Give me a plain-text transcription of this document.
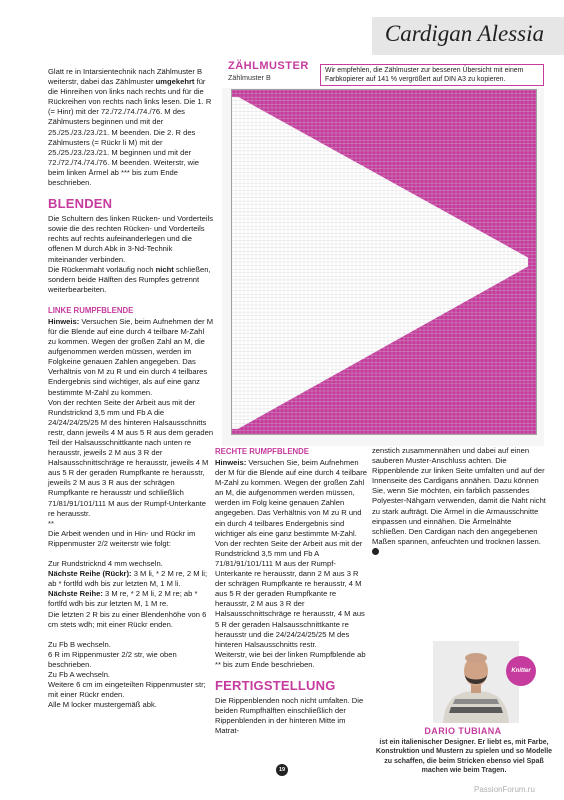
Cardigan Alessia

Glatt re in Intarsientechnik nach Zählmuster B weiterstr, dabei das Zählmuster umgekehrt für die Hinreihen von links nach rechts und für die Rückreihen von rechts nach links lesen. Die 1. R (= Hinr) mit der 72./72./74./74./76. M des Zählmusters beginnen und mit der 25./25./23./23./21. M beenden. Die 2. R des Zählmusters (= Rückr li M) mit der 25./25./23./23./21. M beginnen und mit der 72./72./74./74./76. M beenden. Weiterstr, wie beim linken Ärmel ab *** bis zum Ende beschrieben.

BLENDEN

Die Schultern des linken Rücken- und Vorderteils sowie die des rechten Rücken- und Vorderteils rechts auf rechts aufeinanderlegen und die offenen M durch Abk in 3-Nd-Technik miteinander verbinden.

Die Rückenmaht vorläufig noch nicht schließen, sondern beide Hälften des Rumpfes getrennt weiterbearbeiten.

LINKE RUMPFBLENDE

Hinweis: Versuchen Sie, beim Aufnehmen der M für die Blende auf eine durch 4 teilbare M-Zahl zu kommen. Wegen der großen Zahl an M, die aufgenommen werden müssen, werden im Folgkeine genauen Zahlen angegeben. Das Verhältnis von M zu R und ein durch 4 teilbares Endergebnis sind wichtiger, als auf eine ganz bestimmte M-Zahl zu kommen.

Von der rechten Seite der Arbeit aus mit der Rundstricknd 3,5 mm und Fb A die 24/24/24/25/25 M des hinteren Halsausschnitts restr, dann jeweils 4 M aus 5 R aus dem geraden Teil der Halsausschnittkante nach unten re herausstr, jeweils 2 M aus 3 R der Halsausschnittschräge re herausstr, jeweils 4 M aus 5 R der geraden Rumpfkante re herausstr, jeweils 2 M aus 3 R aus der schrägen Rumpfkante re herausstr und schließlich 71/81/91/101/111 M aus der Rumpf-Unterkante re herausstr.

**

Die Arbeit wenden und in Hin- und Rückr im Rippenmuster 2/2 weiterstr wie folgt:

Zur Rundstricknd 4 mm wechseln.

Nächste Reihe (Rückr): 3 M li, * 2 M re, 2 M li; ab * fortlfd wdh bis zur letzten M, 1 M li.

Nächste Reihe: 3 M re, * 2 M li, 2 M re; ab * fortlfd wdh bis zur letzten M, 1 M re.

Die letzten 2 R bis zu einer Blendenhöhe von 6 cm stets wdh; mit einer Rückr enden.

Zu Fb B wechseln.

6 R im Rippenmuster 2/2 str, wie oben beschrieben.

Zu Fb A wechseln.

Weitere 6 cm im eingeteilten Rippenmuster str; mit einer Rückr enden.

Alle M locker mustergemäß abk.

ZÄHLMUSTER
Zählmuster B
Wir empfehlen, die Zählmuster zur besseren Übersicht mit einem Farbkopierer auf 141 % vergrößert auf DIN A3 zu kopieren.
RECHTE RUMPFBLENDE

Hinweis: Versuchen Sie, beim Aufnehmen der M für die Blende auf eine durch 4 teilbare M-Zahl zu kommen. Wegen der großen Zahl an M, die aufgenommen werden müssen, werden im Folg keine genauen Zahlen angegeben. Das Verhältnis von M zu R und ein durch 4 teilbares Endergebnis sind wichtiger als eine ganz bestimmte M-Zahl.

Von der rechten Seite der Arbeit aus mit der Rundstricknd 3,5 mm und Fb A 71/81/91/101/111 M aus der Rumpf-Unterkante re herausstr, dann 2 M aus 3 R der schrägen Rumpfkante re herausstr, 4 M aus 5 R der geraden Rumpfkante re herausstr, 2 M aus 3 R der Halsausschnittschräge re herausstr, 4 M aus 5 R der geraden Halsausschnittkante re herausstr und die 24/24/24/25/25 M des hinteren Halsausschnitts restr.

Weiterstr, wie bei der linken Rumpfblende ab ** bis zum Ende beschrieben.

FERTIGSTELLUNG

Die Rippenblenden noch nicht umfalten. Die beiden Rumpfhälften einschließlich der Rippenblenden in der hinteren Mitte im Matrat-

zenstich zusammennähen und dabei auf einen sauberen Muster-Anschluss achten. Die Rippenblende zur linken Seite umfalten und auf der Innenseite des Cardigans annähen. Dazu können Sie, wenn Sie möchten, ein farblich passendes Polyester-Nähgarn verwenden, damit die Naht nicht zu stark aufträgt. Die Ärmel in die Armausschnitte einpassen und einnähen. Die Ärmelnähte schließen. Den Cardigan nach den angegebenen Maßen spannen, anfeuchten und trocknen lassen.

Knitter
DARIO TUBIANA
ist ein italienischer Designer. Er liebt es, mit Farbe, Konstruktion und Mustern zu spielen und so Modelle zu schaffen, die beim Stricken ebenso viel Spaß machen wie beim Tragen.
19
PassionForum.ru
